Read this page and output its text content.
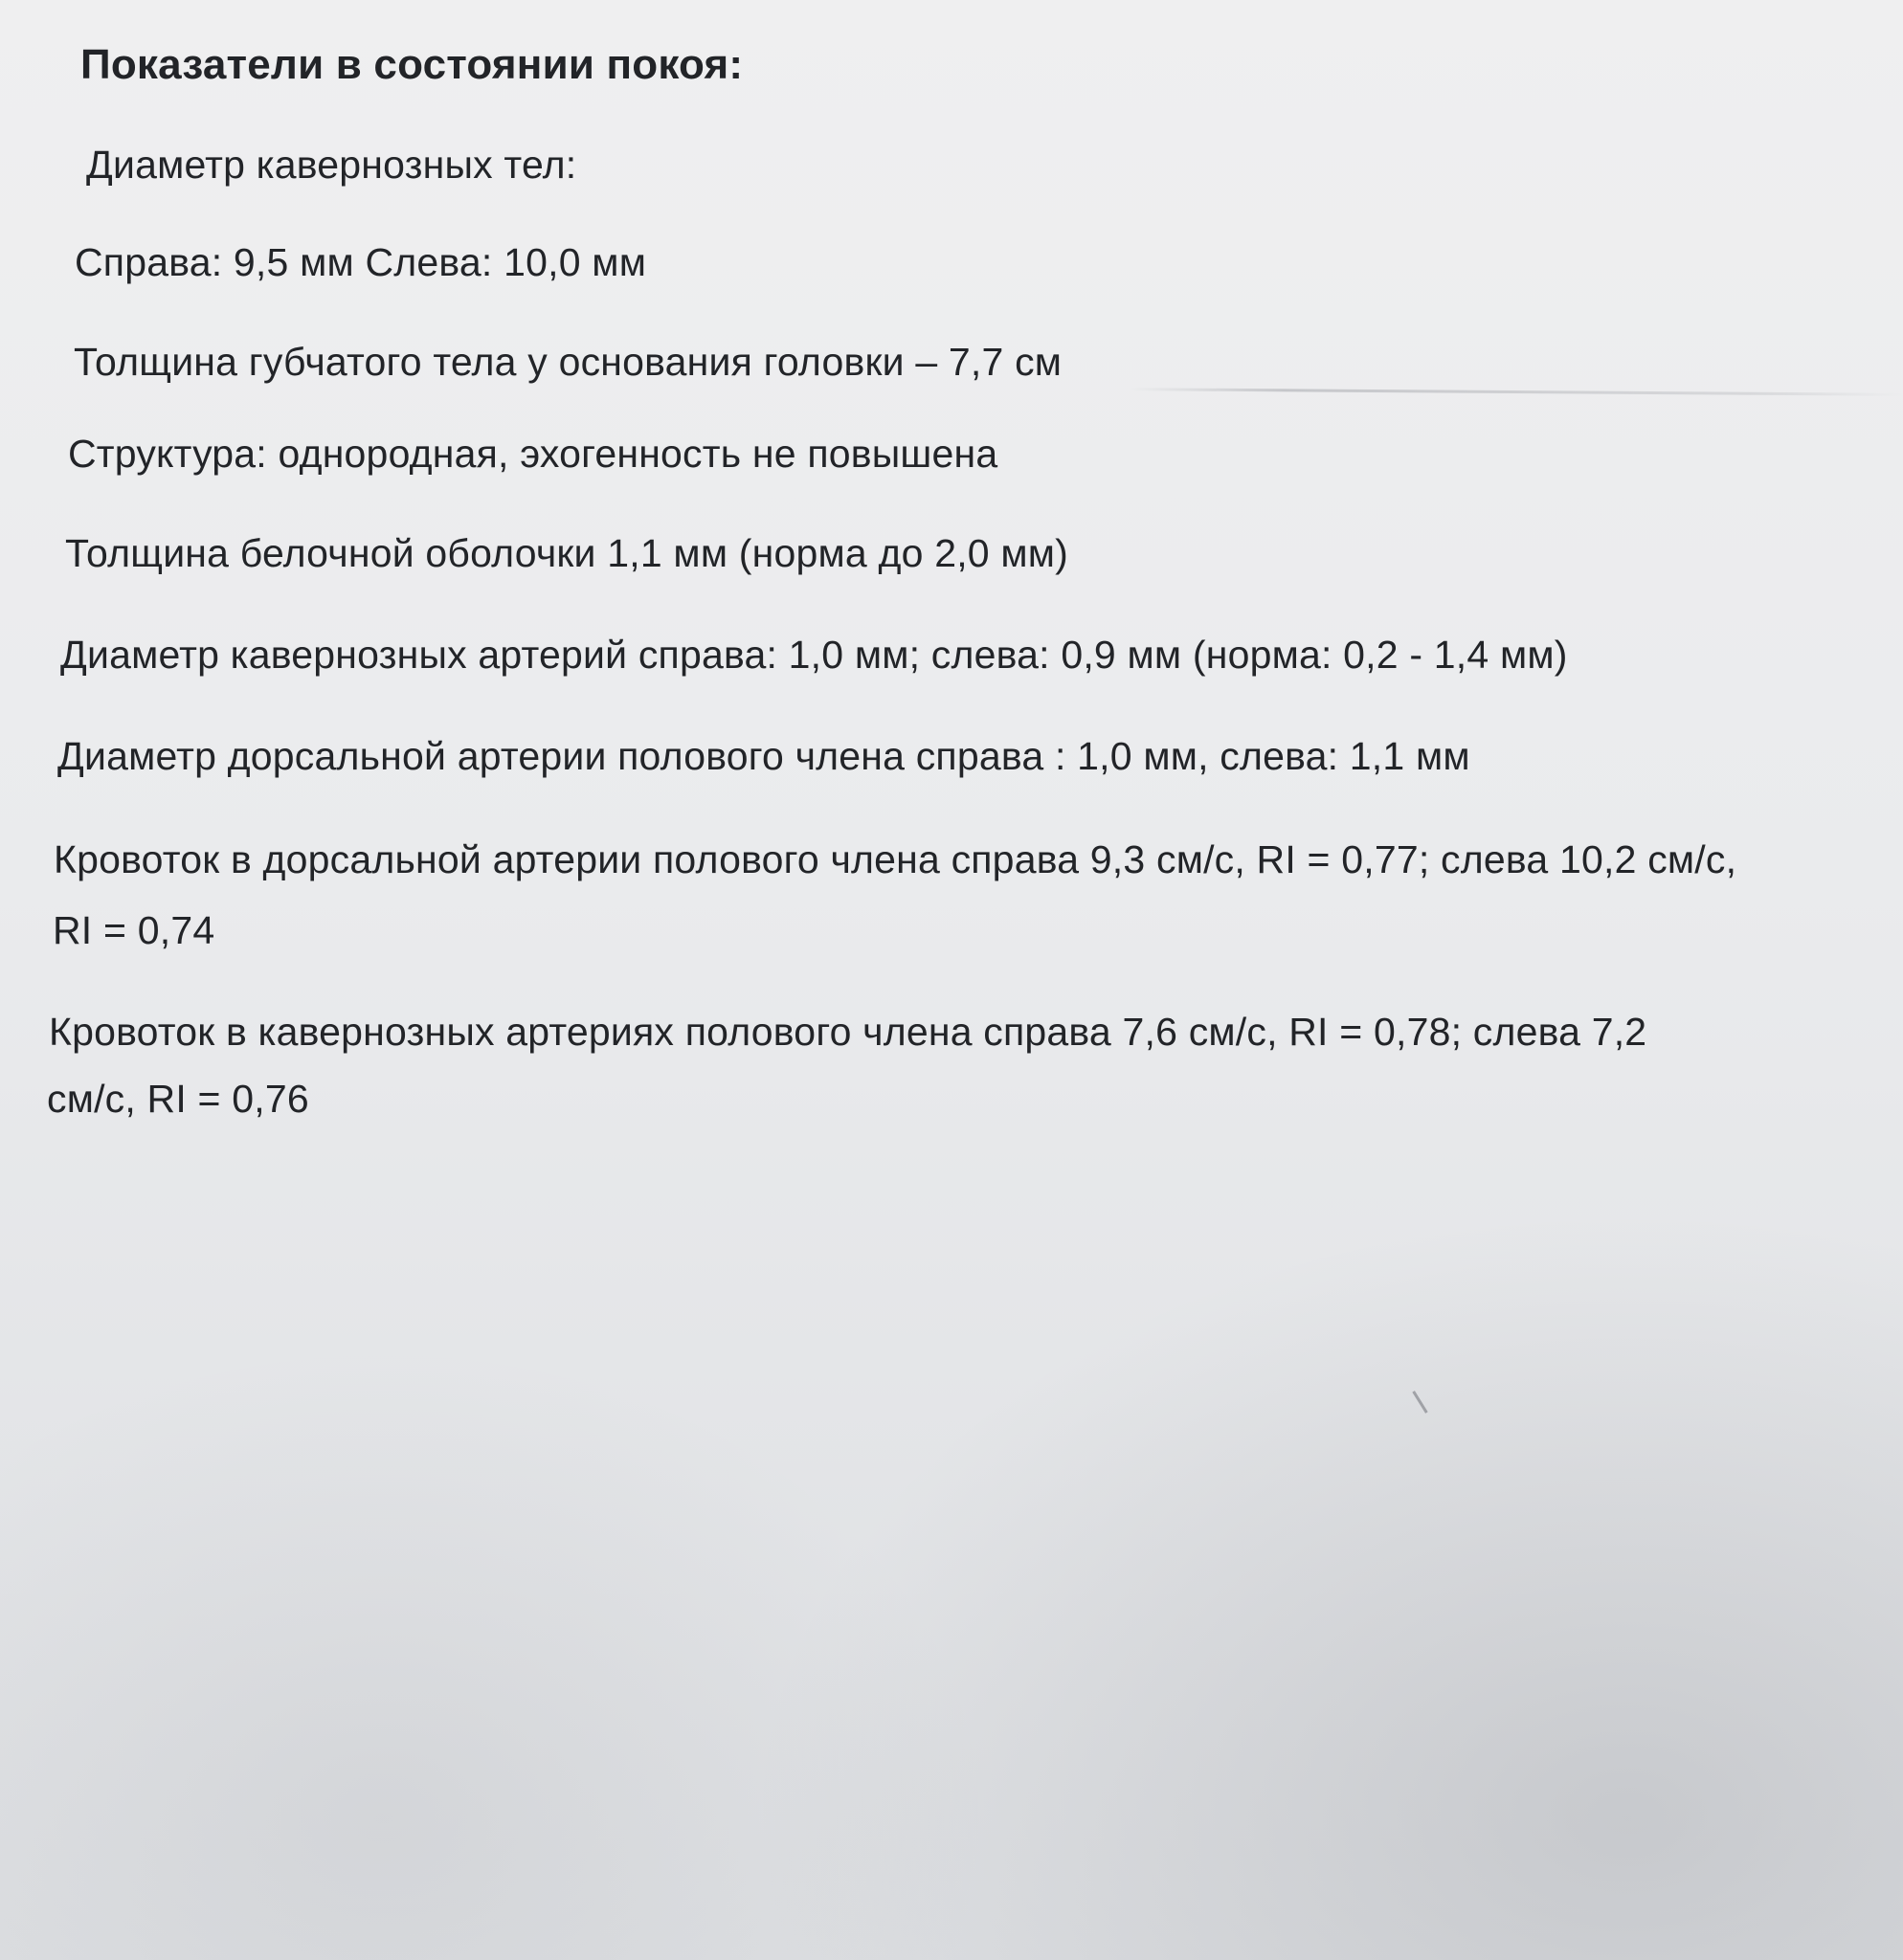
Показатели в состоянии покоя:
Диаметр кавернозных тел:
Справа: 9,5 мм Слева: 10,0 мм
Толщина губчатого тела у основания головки – 7,7 см
Структура: однородная, эхогенность не повышена
Толщина белочной оболочки 1,1 мм (норма до 2,0 мм)
Диаметр кавернозных артерий справа: 1,0 мм; слева: 0,9 мм (норма: 0,2 - 1,4 мм)
Диаметр дорсальной артерии полового члена справа : 1,0 мм, слева: 1,1 мм
Кровоток в дорсальной артерии полового члена справа 9,3 см/с, RI = 0,77; слева 10,2 см/с,
RI = 0,74
Кровоток в кавернозных артериях полового члена справа 7,6 см/с, RI = 0,78; слева 7,2
см/с, RI = 0,76
